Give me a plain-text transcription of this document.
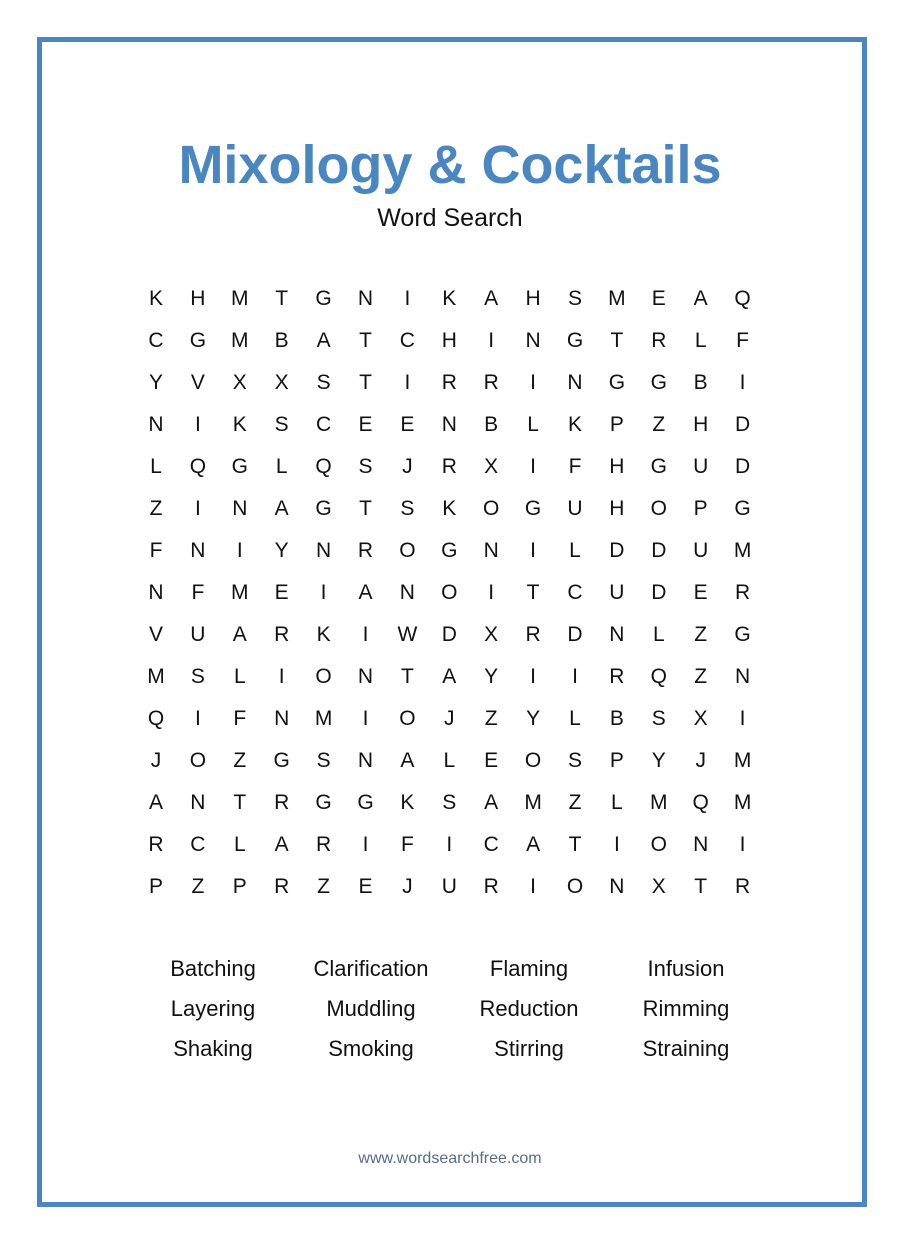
Mixology & Cocktails
Word Search
K	H	M	T	G	N	I	K	A	H	S	M	E	A	Q
C	G	M	B	A	T	C	H	I	N	G	T	R	L	F
Y	V	X	X	S	T	I	R	R	I	N	G	G	B	I
N	I	K	S	C	E	E	N	B	L	K	P	Z	H	D
L	Q	G	L	Q	S	J	R	X	I	F	H	G	U	D
Z	I	N	A	G	T	S	K	O	G	U	H	O	P	G
F	N	I	Y	N	R	O	G	N	I	L	D	D	U	M
N	F	M	E	I	A	N	O	I	T	C	U	D	E	R
V	U	A	R	K	I	W	D	X	R	D	N	L	Z	G
M	S	L	I	O	N	T	A	Y	I	I	R	Q	Z	N
Q	I	F	N	M	I	O	J	Z	Y	L	B	S	X	I
J	O	Z	G	S	N	A	L	E	O	S	P	Y	J	M
A	N	T	R	G	G	K	S	A	M	Z	L	M	Q	M
R	C	L	A	R	I	F	I	C	A	T	I	O	N	I
P	Z	P	R	Z	E	J	U	R	I	O	N	X	T	R
Batching	Clarification	Flaming	Infusion
Layering	Muddling	Reduction	Rimming
Shaking	Smoking	Stirring	Straining
www.wordsearchfree.com
